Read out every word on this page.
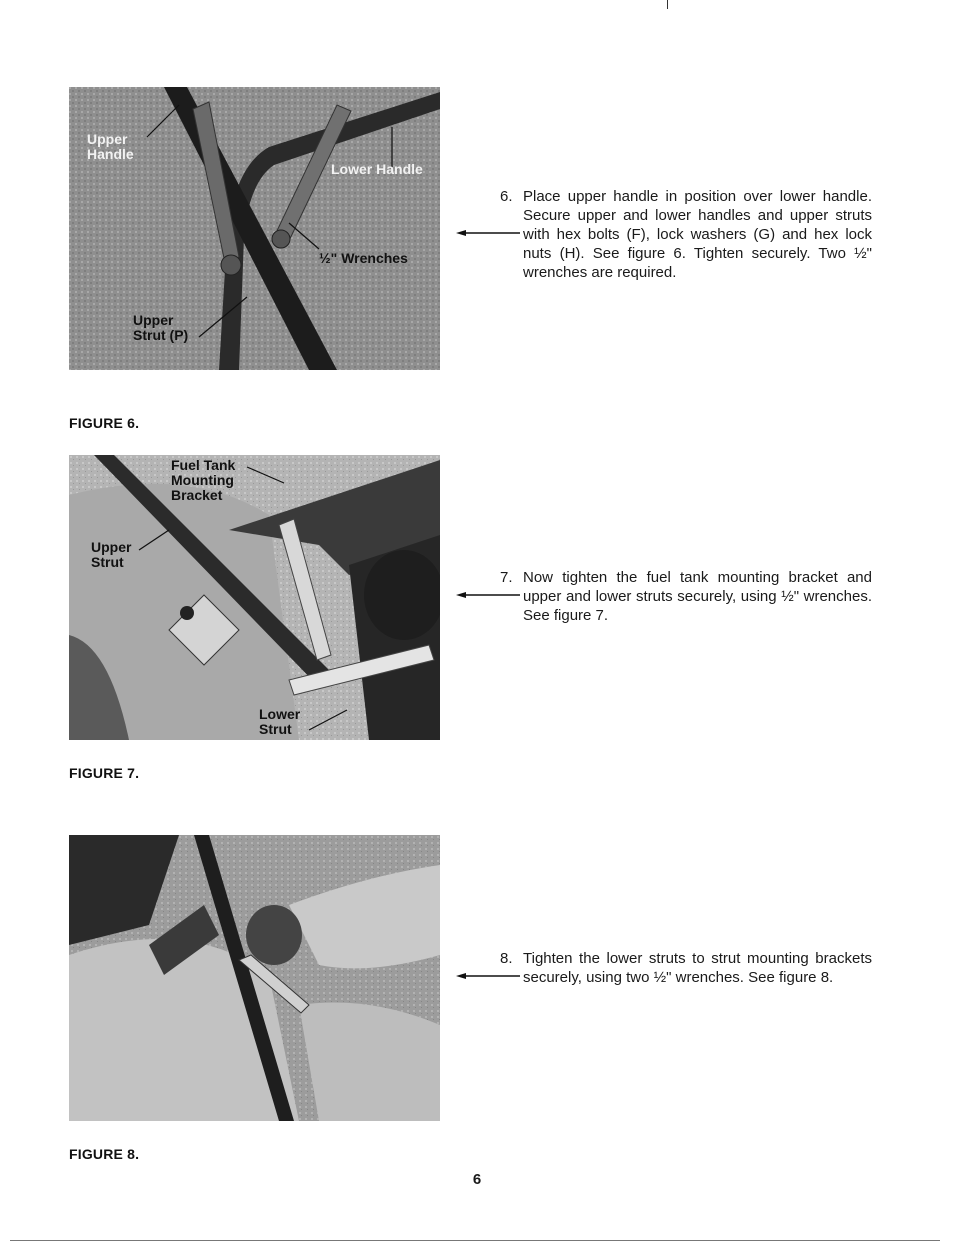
Upper
Handle
Lower Handle
½" Wrenches
Upper
Strut (P)
FIGURE 6.
6. Place upper handle in position over lower handle. Secure upper and lower handles and upper struts with hex bolts (F), lock washers (G) and hex lock nuts (H). See figure 6. Tighten securely. Two ½" wrenches are required.
Fuel Tank
Mounting
Bracket
Upper
Strut
Lower
Strut
FIGURE 7.
7. Now tighten the fuel tank mounting bracket and upper and lower struts securely, using ½" wrenches. See figure 7.
FIGURE 8.
8. Tighten the lower struts to strut mounting brackets securely, using two ½" wrenches. See figure 8.
6
